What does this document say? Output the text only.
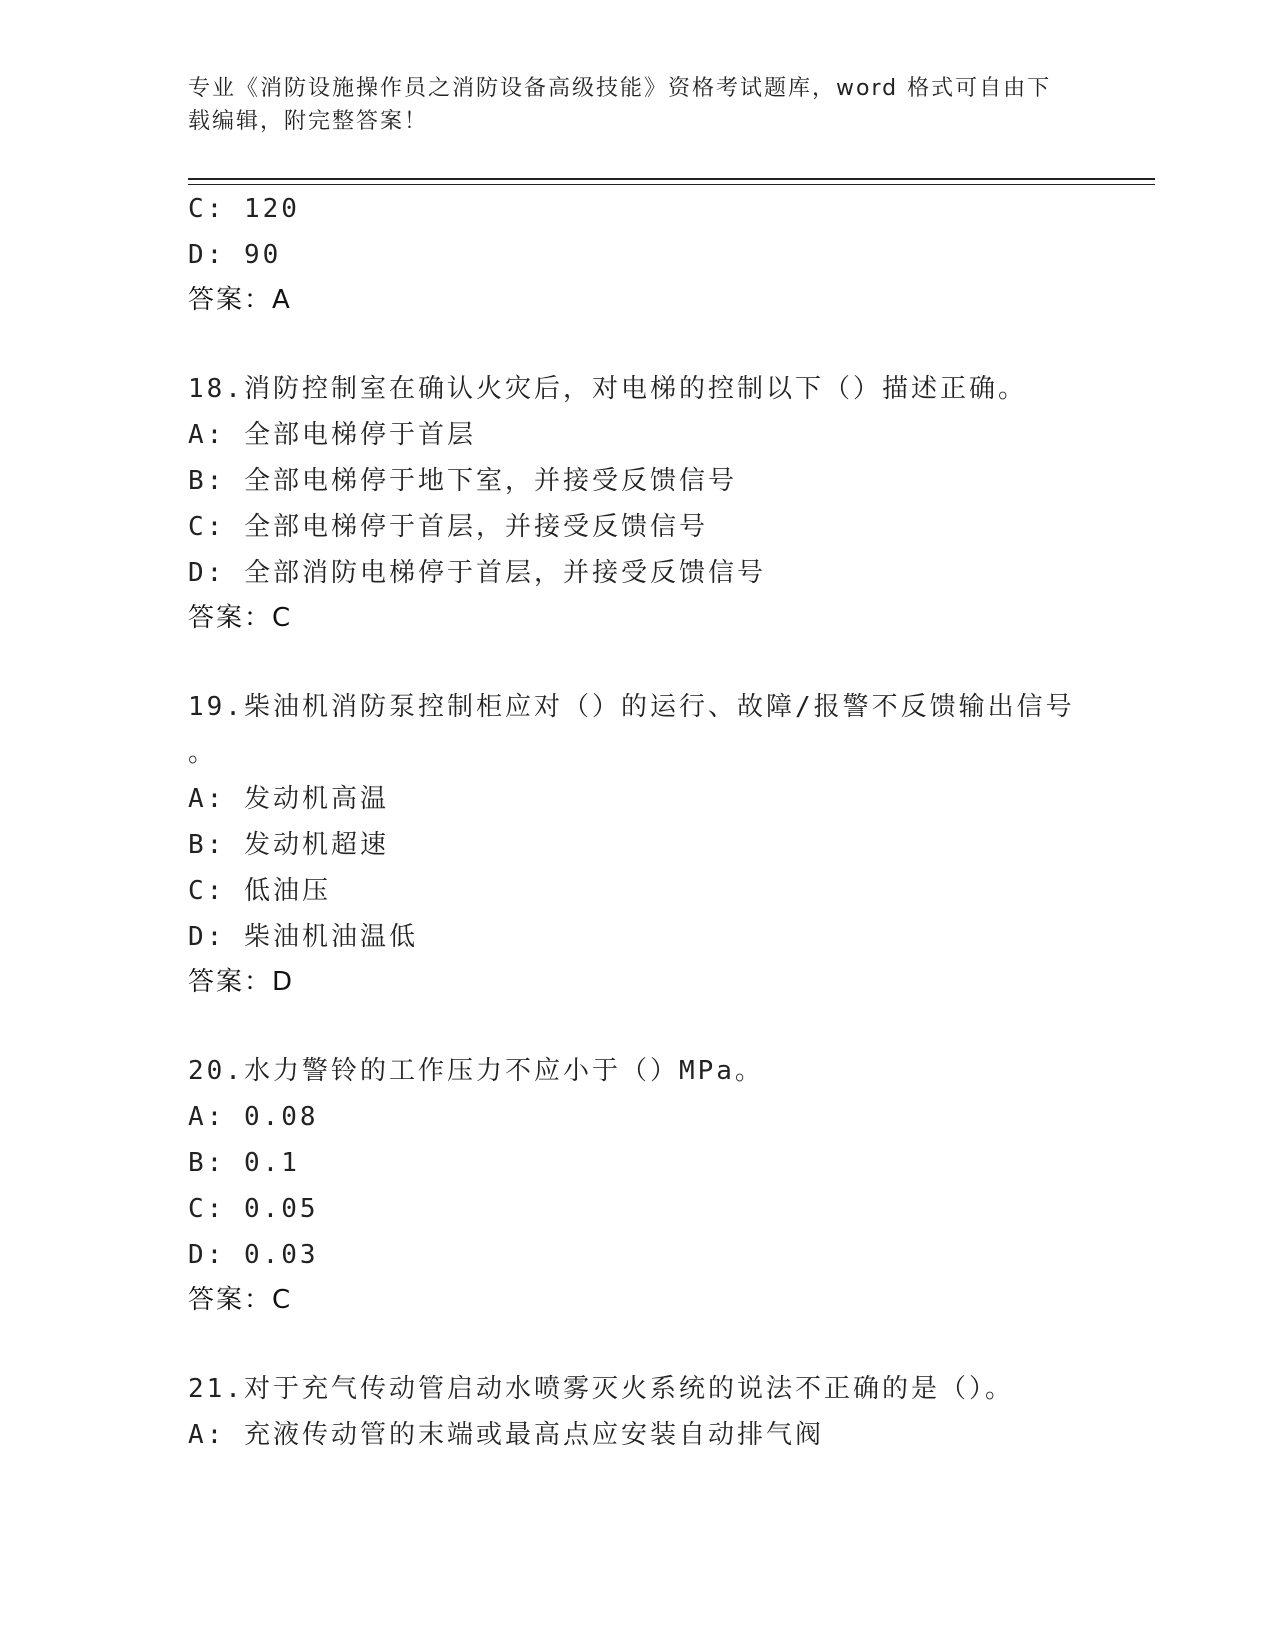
专业《消防设施操作员之消防设备高级技能》资格考试题库，word 格式可自由下
载编辑，附完整答案！
C: 120
D: 90
答案：A
18.消防控制室在确认火灾后，对电梯的控制以下（）描述正确。
A: 全部电梯停于首层
B: 全部电梯停于地下室，并接受反馈信号
C: 全部电梯停于首层，并接受反馈信号
D: 全部消防电梯停于首层，并接受反馈信号
答案：C
19.柴油机消防泵控制柜应对（）的运行、故障/报警不反馈输出信号
。
A: 发动机高温
B: 发动机超速
C: 低油压
D: 柴油机油温低
答案：D
20.水力警铃的工作压力不应小于（）MPa。
A: 0.08
B: 0.1
C: 0.05
D: 0.03
答案：C
21.对于充气传动管启动水喷雾灭火系统的说法不正确的是（）。
A: 充液传动管的末端或最高点应安装自动排气阀
